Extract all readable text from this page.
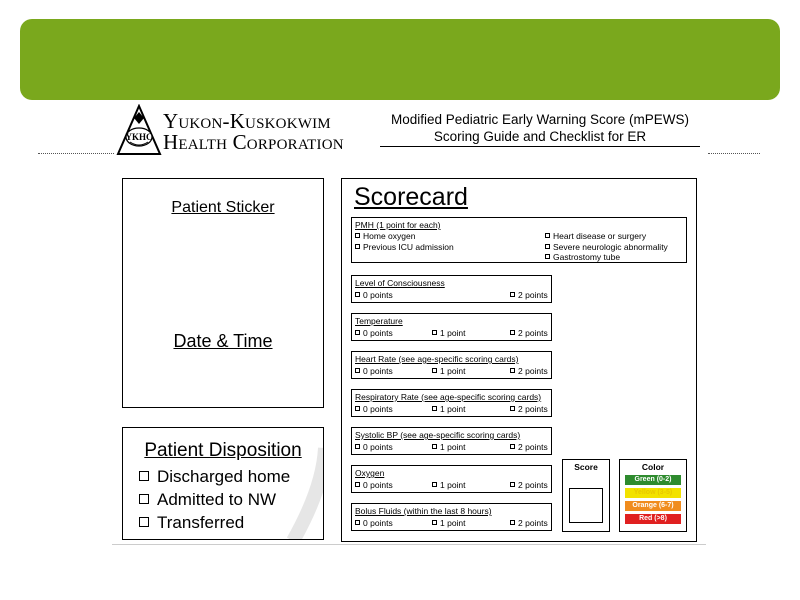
YKHC
Yukon-Kuskokwim
Health Corporation
Modified Pediatric Early Warning Score (mPEWS)
Scoring Guide and Checklist for ER
Patient Sticker
Date & Time
Patient Disposition
Discharged home
Admitted to NW
Transferred
Scorecard
PMH (1 point for each)
Home oxygen
Previous ICU admission
Heart disease or surgery
Severe neurologic abnormality
Gastrostomy tube
Level of Consciousness
0 points	2 points
Temperature
0 points	1 point	2 points
Heart Rate (see age-specific scoring cards)
0 points	1 point	2 points
Respiratory Rate (see age-specific scoring cards)
0 points	1 point	2 points
Systolic BP (see age-specific scoring cards)
0 points	1 point	2 points
Oxygen
0 points	1 point	2 points
Bolus Fluids (within the last 8 hours)
0 points	1 point	2 points
Score	Color
Green (0-2)
Yellow (3-5)
Orange (6-7)
Red (>8)
